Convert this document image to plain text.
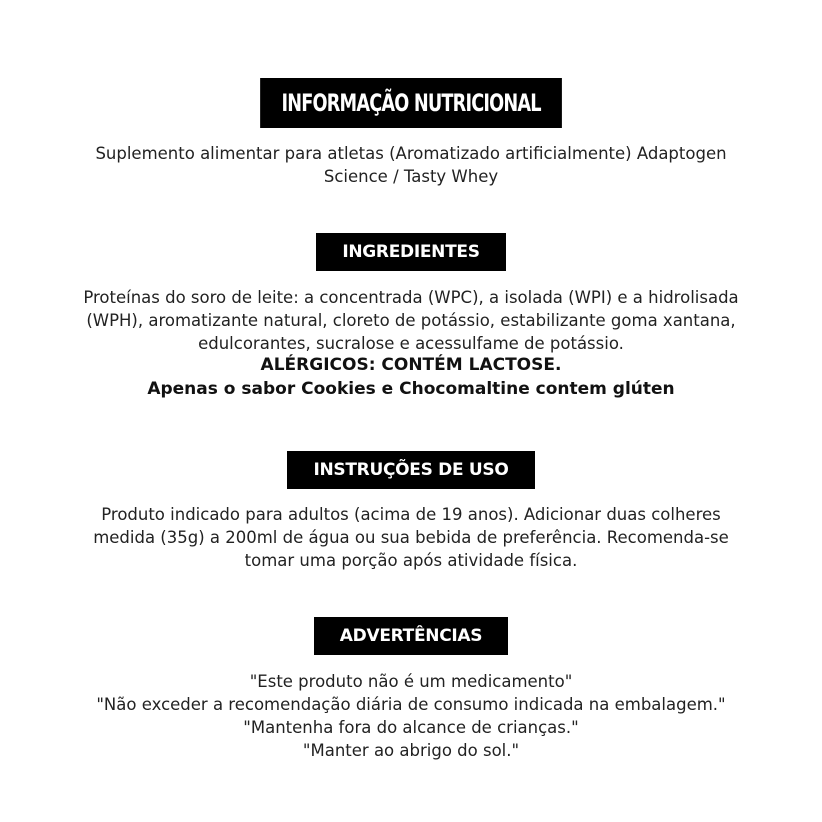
INFORMAÇÃO NUTRICIONAL

Suplemento alimentar para atletas (Aromatizado artificialmente) Adaptogen
Science / Tasty Whey

INGREDIENTES

Proteínas do soro de leite: a concentrada (WPC), a isolada (WPI) e a hidrolisada
(WPH), aromatizante natural, cloreto de potássio, estabilizante goma xantana,
edulcorantes, sucralose e acessulfame de potássio.

ALÉRGICOS: CONTÉM LACTOSE.
Apenas o sabor Cookies e Chocomaltine contem glúten

INSTRUÇÕES DE USO

Produto indicado para adultos (acima de 19 anos). Adicionar duas colheres
medida (35g) a 200ml de água ou sua bebida de preferência. Recomenda-se
tomar uma porção após atividade física.

ADVERTÊNCIAS

"Este produto não é um medicamento"
"Não exceder a recomendação diária de consumo indicada na embalagem."
"Mantenha fora do alcance de crianças."
"Manter ao abrigo do sol."
